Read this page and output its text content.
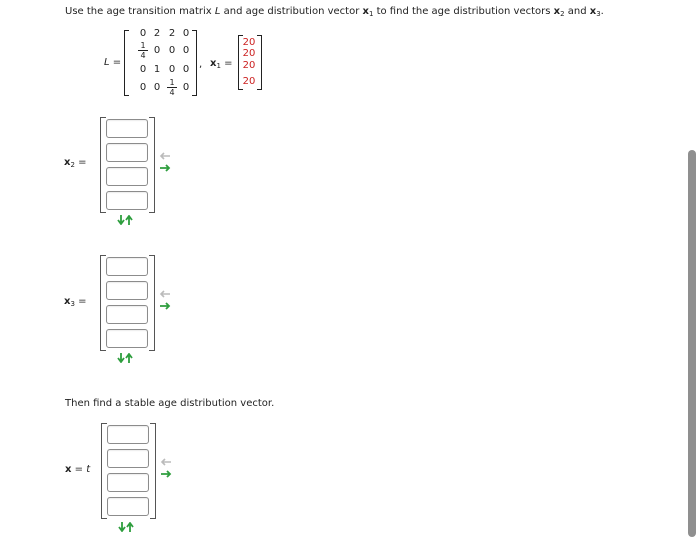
Use the age transition matrix L and age distribution vector $x_1$ to find the age distribution vectors $x_2$ and $x_3$.
L =
0 2 2 0
$\frac{1}{4} 0$ 0 0
0 1 0 0
0 $0 \frac{1}{4} 0$
, $x_1$ =
20
20
20
20
$x_2$ =
$x_3$ =
Then find a stable age distribution vector.
x = t
